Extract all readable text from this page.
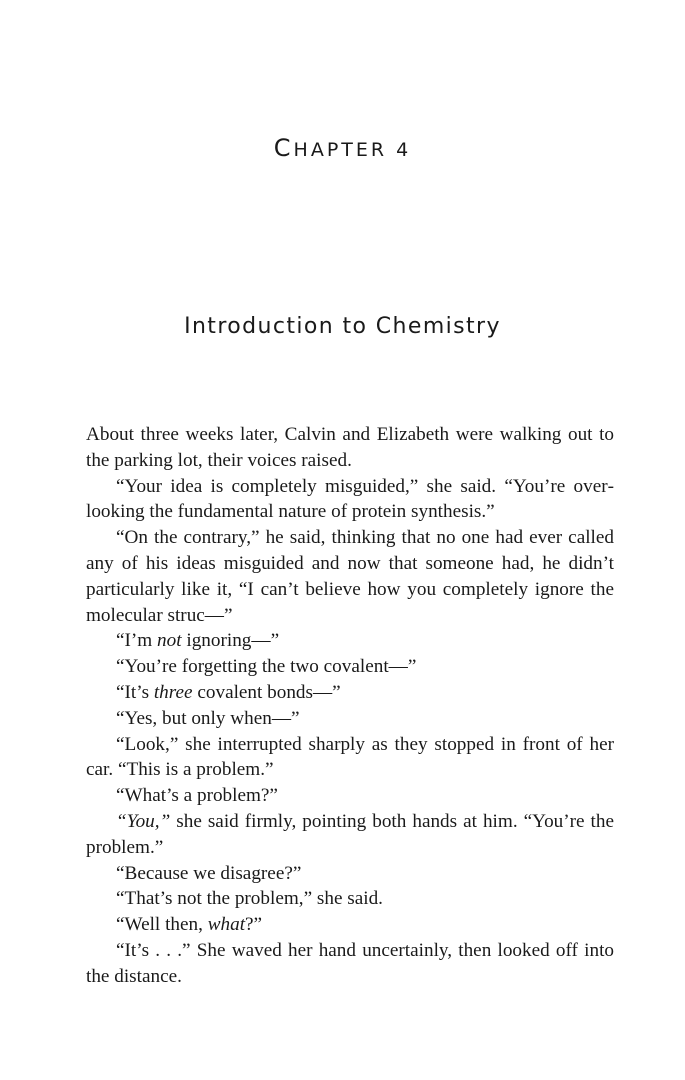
CHAPTER 4
Introduction to Chemistry

About three weeks later, Calvin and Elizabeth were walking out to the parking lot, their voices raised.

“Your idea is completely misguided,” she said. “You’re overlooking the fundamental nature of protein synthesis.”

“On the contrary,” he said, thinking that no one had ever called any of his ideas misguided and now that someone had, he didn’t particularly like it, “I can’t believe how you completely ignore the molecular struc—”

“I’m not ignoring—”

“You’re forgetting the two covalent—”

“It’s three covalent bonds—”

“Yes, but only when—”

“Look,” she interrupted sharply as they stopped in front of her car. “This is a problem.”

“What’s a problem?”

“You,” she said firmly, pointing both hands at him. “You’re the problem.”

“Because we disagree?”

“That’s not the problem,” she said.

“Well then, what?”

“It’s . . .” She waved her hand uncertainly, then looked off into the distance.
